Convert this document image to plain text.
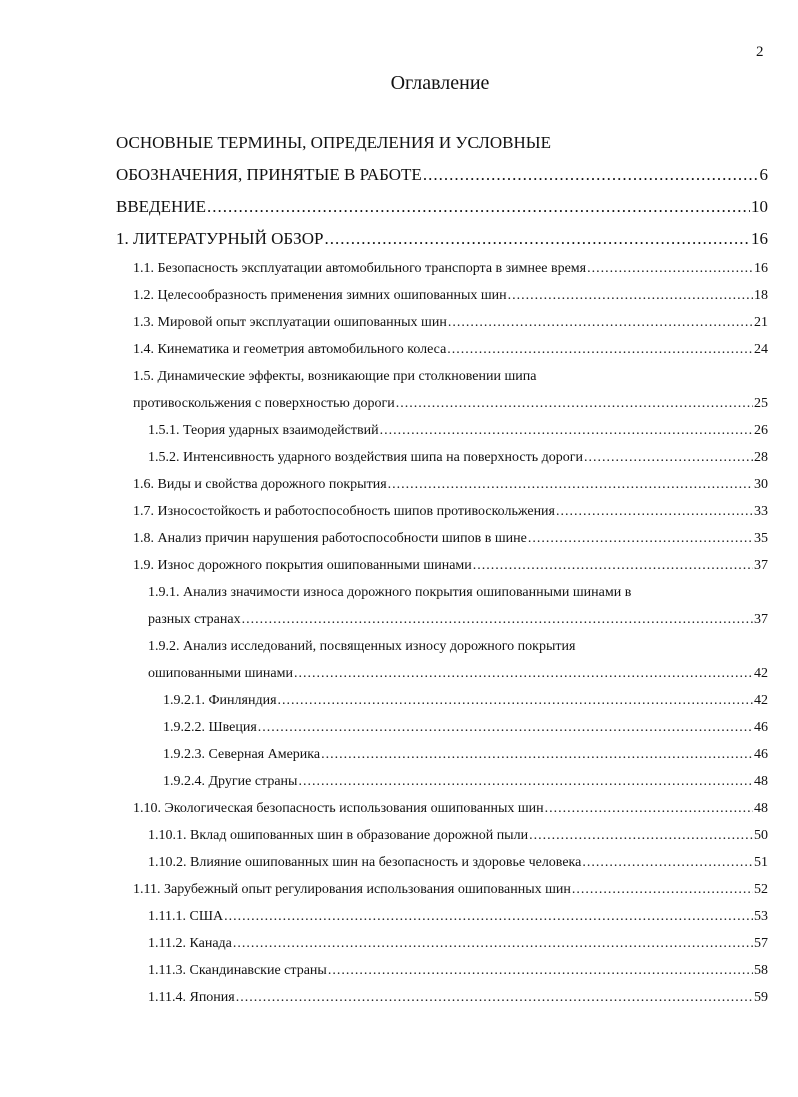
2
Оглавление
ОСНОВНЫЕ ТЕРМИНЫ, ОПРЕДЕЛЕНИЯ И УСЛОВНЫЕ
ОБОЗНАЧЕНИЯ, ПРИНЯТЫЕ В РАБОТЕ .....	6
ВВЕДЕНИЕ .....	10
1. ЛИТЕРАТУРНЫЙ ОБЗОР .....	16
1.1. Безопасность эксплуатации автомобильного транспорта в зимнее время .....	16
1.2. Целесообразность применения зимних ошипованных шин .....	18
1.3. Мировой опыт эксплуатации ошипованных шин .....	21
1.4. Кинематика и геометрия автомобильного колеса .....	24
1.5. Динамические эффекты, возникающие при столкновении шипа
противоскольжения с поверхностью дороги .....	25
1.5.1. Теория ударных взаимодействий .....	26
1.5.2. Интенсивность ударного воздействия шипа на поверхность дороги .....	28
1.6. Виды и свойства дорожного покрытия .....	30
1.7. Износостойкость и работоспособность шипов противоскольжения .....	33
1.8. Анализ причин нарушения работоспособности шипов в шине .....	35
1.9. Износ дорожного покрытия ошипованными шинами .....	37
1.9.1. Анализ значимости износа дорожного покрытия ошипованными шинами в
разных странах .....	37
1.9.2. Анализ исследований, посвященных износу дорожного покрытия
ошипованными шинами .....	42
1.9.2.1. Финляндия .....	42
1.9.2.2. Швеция .....	46
1.9.2.3. Северная Америка .....	46
1.9.2.4. Другие страны .....	48
1.10. Экологическая безопасность использования ошипованных шин .....	48
1.10.1. Вклад ошипованных шин в образование дорожной пыли .....	50
1.10.2. Влияние ошипованных шин на безопасность и здоровье человека .....	51
1.11. Зарубежный опыт регулирования использования ошипованных шин .....	52
1.11.1. США .....	53
1.11.2. Канада .....	57
1.11.3. Скандинавские страны .....	58
1.11.4. Япония .....	59
